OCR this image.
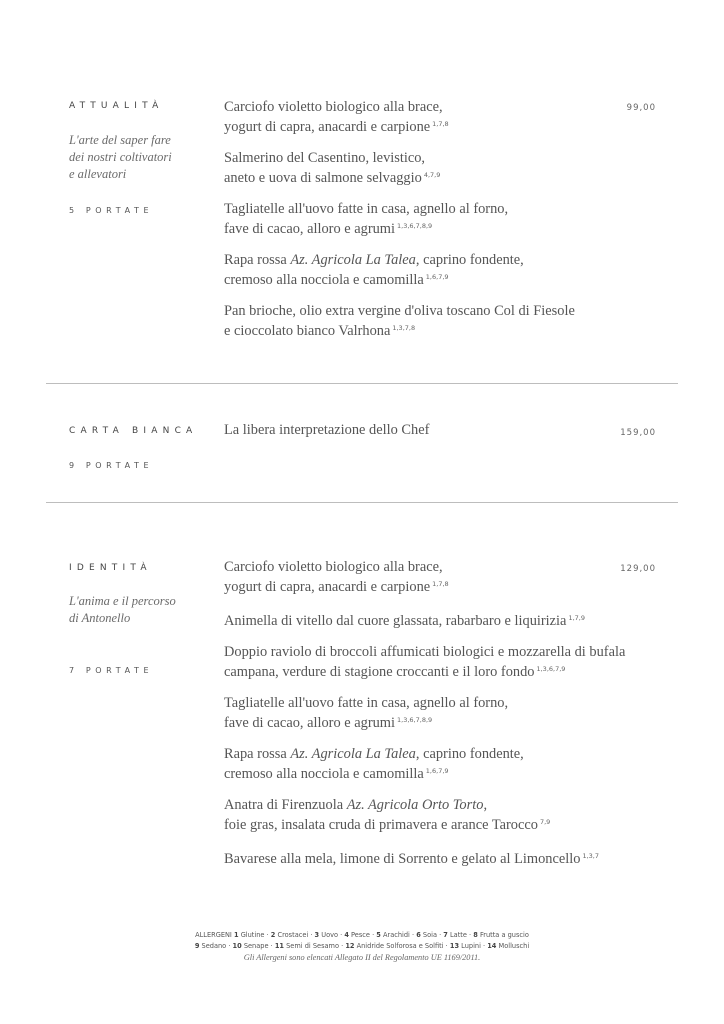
ATTUALITÀ
L'arte del saper fare
dei nostri coltivatori
e allevatori
5 PORTATE
99,00
Carciofo violetto biologico alla brace,
yogurt di capra, anacardi e carpione $^{1,7,8}$
Salmerino del Casentino, levistico,
aneto e uova di salmone selvaggio $^{4,7,9}$
Tagliatelle all'uovo fatte in casa, agnello al forno,
fave di cacao, alloro e agrumi $^{1,3,6,7,8,9}$
Rapa rossa Az. Agricola La Talea, caprino fondente,
cremoso alla nocciola e camomilla $^{1,6,7,9}$
Pan brioche, olio extra vergine d'oliva toscano Col di Fiesole
e cioccolato bianco Valrhona $^{1,3,7,8}$
CARTA BIANCA
9 PORTATE
La libera interpretazione dello Chef	159,00
IDENTITÀ
L'anima e il percorso
di Antonello
7 PORTATE
129,00
Carciofo violetto biologico alla brace,
yogurt di capra, anacardi e carpione $^{1,7,8}$
Animella di vitello dal cuore glassata, rabarbaro e liquirizia $^{1,7,9}$
Doppio raviolo di broccoli affumicati biologici e mozzarella di bufala
campana, verdure di stagione croccanti e il loro fondo $^{1,3,6,7,9}$
Tagliatelle all'uovo fatte in casa, agnello al forno,
fave di cacao, alloro e agrumi $^{1,3,6,7,8,9}$
Rapa rossa Az. Agricola La Talea, caprino fondente,
cremoso alla nocciola e camomilla $^{1,6,7,9}$
Anatra di Firenzuola Az. Agricola Orto Torto,
foie gras, insalata cruda di primavera e arance Tarocco $^{7,9}$
Bavarese alla mela, limone di Sorrento e gelato al Limoncello $^{1,3,7}$
ALLERGENI 1 Glutine · 2 Crostacei · 3 Uovo · 4 Pesce · 5 Arachidi · 6 Soia · 7 Latte · 8 Frutta a guscio
9 Sedano · 10 Senape · 11 Semi di Sesamo · 12 Anidride Solforosa e Solfiti · 13 Lupini · 14 Molluschi
Gli Allergeni sono elencati Allegato II del Regolamento UE 1169/2011.
